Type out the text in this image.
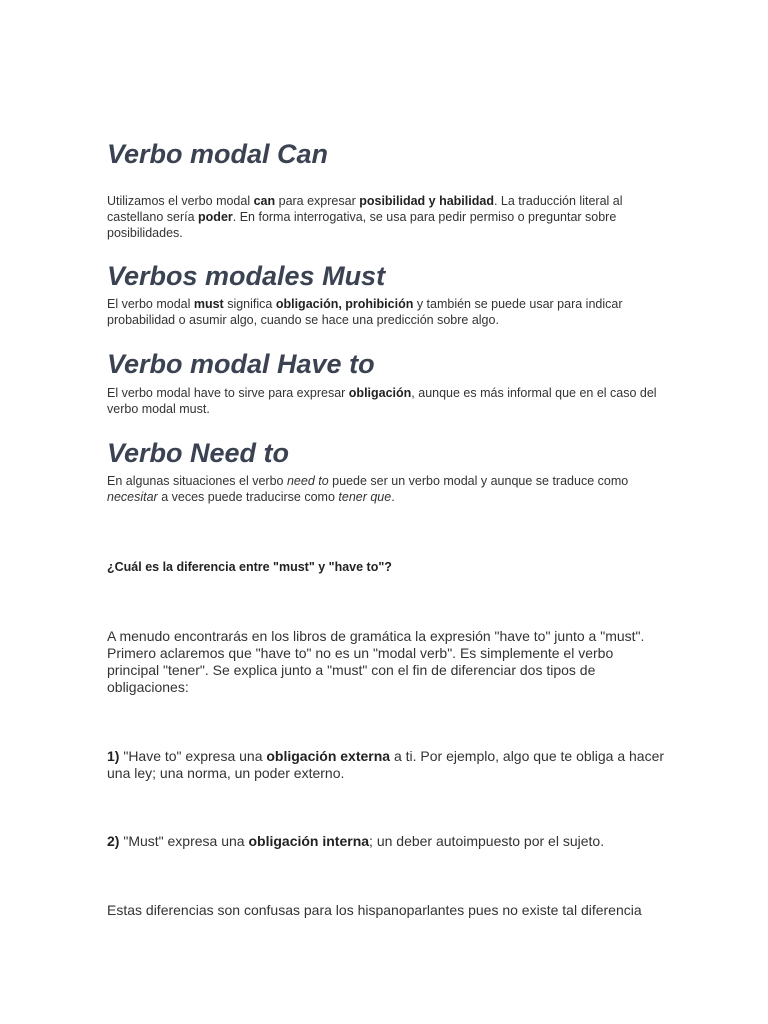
Verbo modal Can

Utilizamos el verbo modal can para expresar posibilidad y habilidad. La traducción literal al castellano sería poder. En forma interrogativa, se usa para pedir permiso o preguntar sobre posibilidades.

Verbos modales Must

El verbo modal must significa obligación, prohibición y también se puede usar para indicar probabilidad o asumir algo, cuando se hace una predicción sobre algo.

Verbo modal Have to

El verbo modal have to sirve para expresar obligación, aunque es más informal que en el caso del verbo modal must.

Verbo Need to

En algunas situaciones el verbo need to puede ser un verbo modal y aunque se traduce como necesitar a veces puede traducirse como tener que.

¿Cuál es la diferencia entre "must" y "have to"?

A menudo encontrarás en los libros de gramática la expresión "have to" junto a "must". Primero aclaremos que "have to" no es un "modal verb". Es simplemente el verbo principal "tener". Se explica junto a "must" con el fin de diferenciar dos tipos de obligaciones:

1) "Have to" expresa una obligación externa a ti. Por ejemplo, algo que te obliga a hacer una ley; una norma, un poder externo.

2) "Must" expresa una obligación interna; un deber autoimpuesto por el sujeto.

Estas diferencias son confusas para los hispanoparlantes pues no existe tal diferencia
